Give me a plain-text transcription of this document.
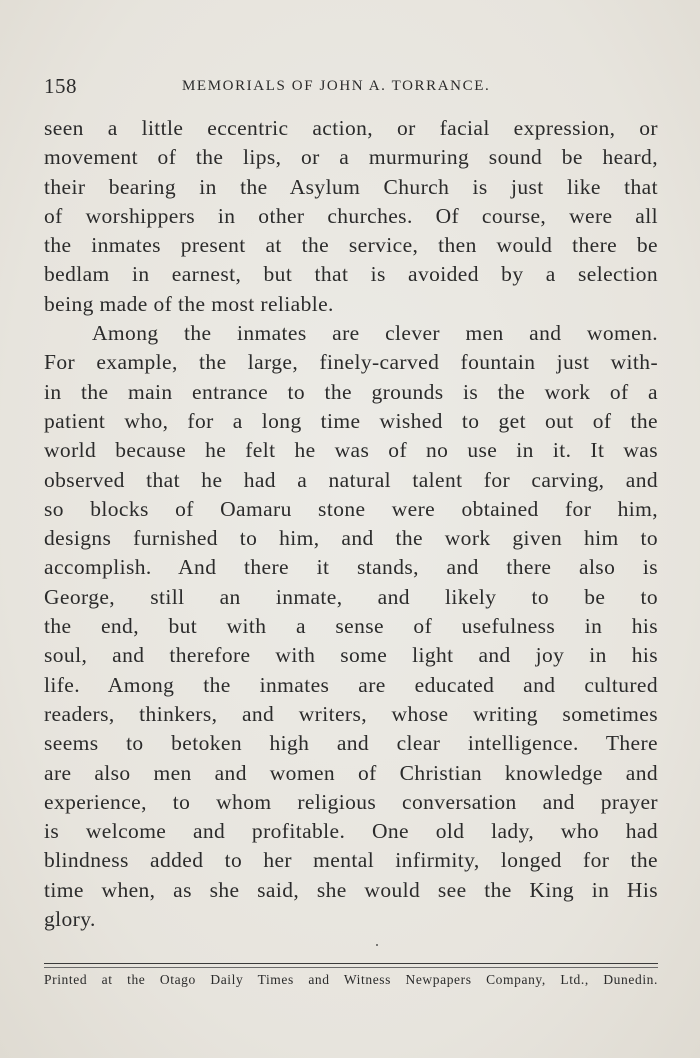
158	MEMORIALS OF JOHN A. TORRANCE.
seen a little eccentric action, or facial expression, or
movement of the lips, or a murmuring sound be heard,
their bearing in the Asylum Church is just like that
of worshippers in other churches. Of course, were all
the inmates present at the service, then would there be
bedlam in earnest, but that is avoided by a selection
being made of the most reliable.
Among the inmates are clever men and women.
For example, the large, finely-carved fountain just with-
in the main entrance to the grounds is the work of a
patient who, for a long time wished to get out of the
world because he felt he was of no use in it. It was
observed that he had a natural talent for carving, and
so blocks of Oamaru stone were obtained for him,
designs furnished to him, and the work given him to
accomplish. And there it stands, and there also is
George, still an inmate, and likely to be to
the end, but with a sense of usefulness in his
soul, and therefore with some light and joy in his
life. Among the inmates are educated and cultured
readers, thinkers, and writers, whose writing sometimes
seems to betoken high and clear intelligence. There
are also men and women of Christian knowledge and
experience, to whom religious conversation and prayer
is welcome and profitable. One old lady, who had
blindness added to her mental infirmity, longed for the
time when, as she said, she would see the King in His
glory.
Printed at the Otago Daily Times and Witness Newpapers Company, Ltd., Dunedin.
